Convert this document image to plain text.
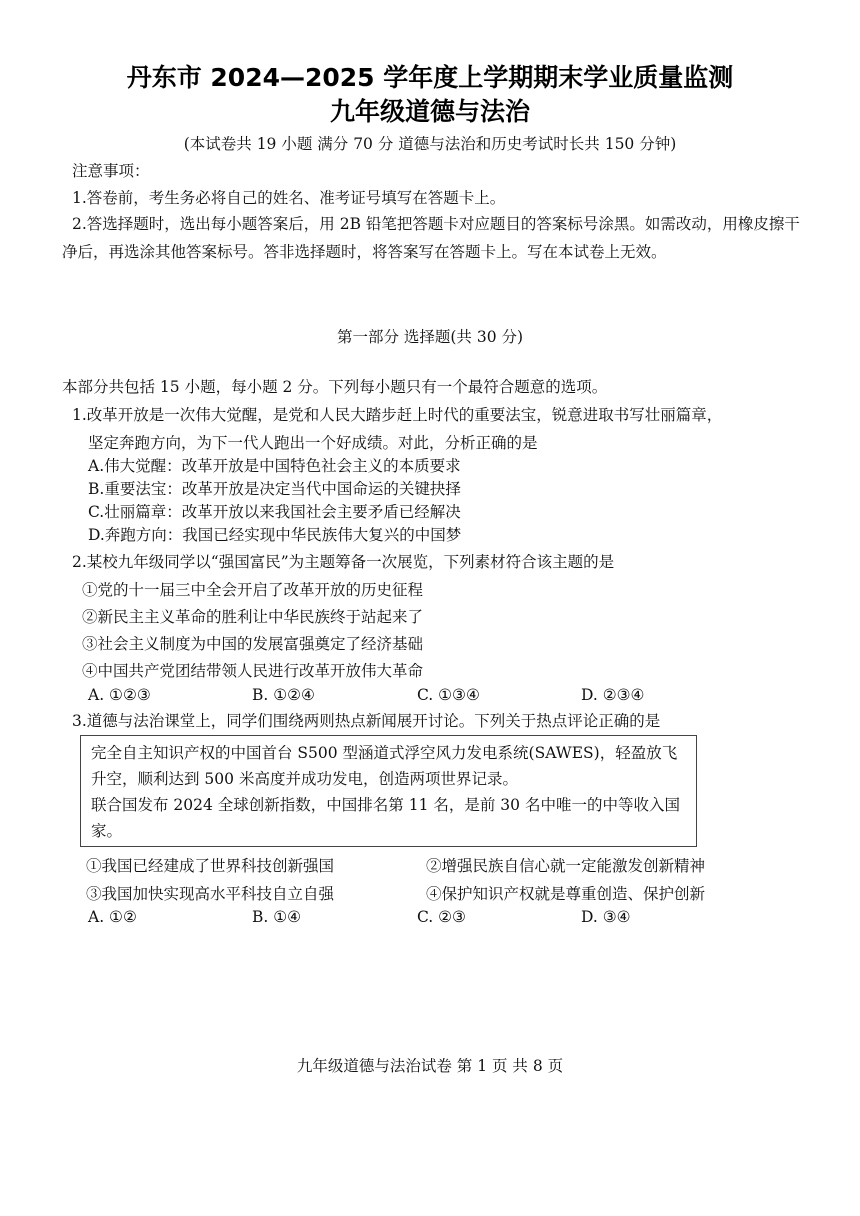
丹东市 2024—2025 学年度上学期期末学业质量监测
九年级道德与法治
(本试卷共 19 小题 满分 70 分 道德与法治和历史考试时长共 150 分钟)
注意事项：
1.答卷前，考生务必将自己的姓名、准考证号填写在答题卡上。
2.答选择题时，选出每小题答案后，用 2B 铅笔把答题卡对应题目的答案标号涂黑。如需改动，用橡皮擦干净后，再选涂其他答案标号。答非选择题时，将答案写在答题卡上。写在本试卷上无效。
第一部分 选择题(共 30 分)
本部分共包括 15 小题，每小题 2 分。下列每小题只有一个最符合题意的选项。
1.改革开放是一次伟大觉醒，是党和人民大踏步赶上时代的重要法宝，锐意进取书写壮丽篇章，
坚定奔跑方向，为下一代人跑出一个好成绩。对此，分析正确的是
A.伟大觉醒：改革开放是中国特色社会主义的本质要求
B.重要法宝：改革开放是决定当代中国命运的关键抉择
C.壮丽篇章：改革开放以来我国社会主要矛盾已经解决
D.奔跑方向：我国已经实现中华民族伟大复兴的中国梦
2.某校九年级同学以“强国富民”为主题筹备一次展览，下列素材符合该主题的是
①党的十一届三中全会开启了改革开放的历史征程
②新民主主义革命的胜利让中华民族终于站起来了
③社会主义制度为中国的发展富强奠定了经济基础
④中国共产党团结带领人民进行改革开放伟大革命
A. ①②③	B. ①②④	C. ①③④	D. ②③④
3.道德与法治课堂上，同学们围绕两则热点新闻展开讨论。下列关于热点评论正确的是

完全自主知识产权的中国首台 S500 型涵道式浮空风力发电系统(SAWES)，轻盈放飞升空，顺利达到 500 米高度并成功发电，创造两项世界记录。

联合国发布 2024 全球创新指数，中国排名第 11 名，是前 30 名中唯一的中等收入国家。

①我国已经建成了世界科技创新强国	②增强民族自信心就一定能激发创新精神
③我国加快实现高水平科技自立自强	④保护知识产权就是尊重创造、保护创新
A. ①②	B. ①④	C. ②③	D. ③④
九年级道德与法治试卷 第 1 页 共 8 页
